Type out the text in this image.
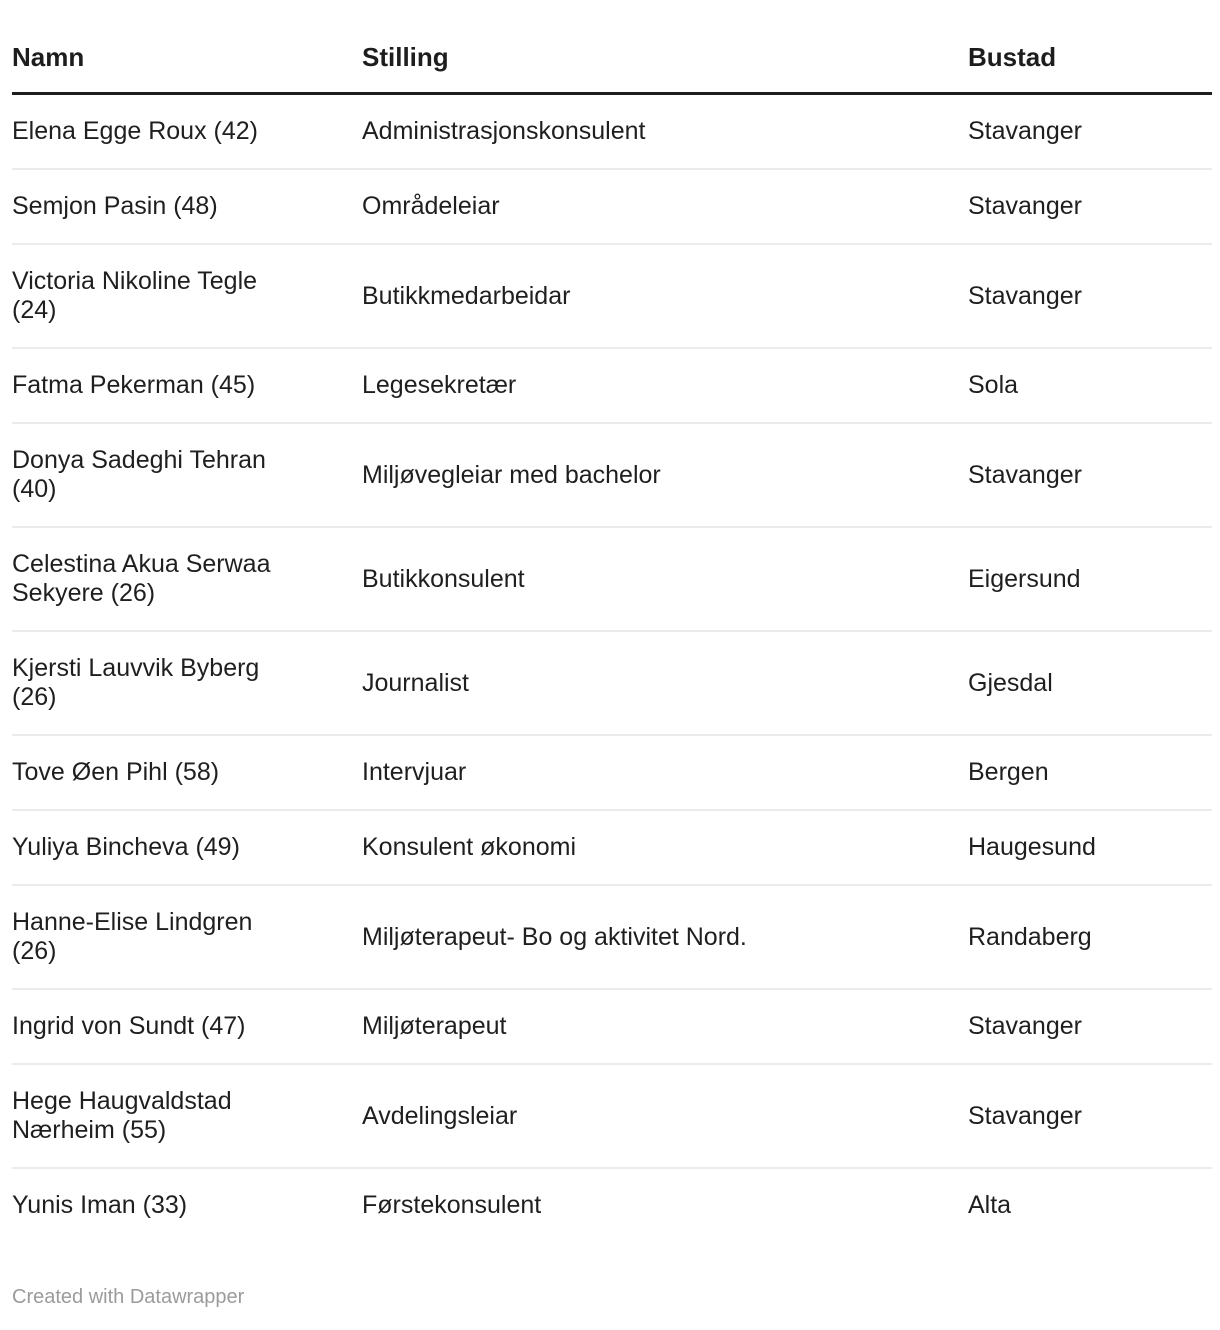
Namn	Stilling	Bustad
Elena Egge Roux (42)	Administrasjonskonsulent	Stavanger
Semjon Pasin (48)	Områdeleiar	Stavanger
Victoria Nikoline Tegle (24)	Butikkmedarbeidar	Stavanger
Fatma Pekerman (45)	Legesekretær	Sola
Donya Sadeghi Tehran (40)	Miljøvegleiar med bachelor	Stavanger
Celestina Akua Serwaa Sekyere (26)	Butikkonsulent	Eigersund
Kjersti Lauvvik Byberg (26)	Journalist	Gjesdal
Tove Øen Pihl (58)	Intervjuar	Bergen
Yuliya Bincheva (49)	Konsulent økonomi	Haugesund
Hanne-Elise Lindgren (26)	Miljøterapeut- Bo og aktivitet Nord.	Randaberg
Ingrid von Sundt (47)	Miljøterapeut	Stavanger
Hege Haugvaldstad Nærheim (55)	Avdelingsleiar	Stavanger
Yunis Iman (33)	Førstekonsulent	Alta
Created with Datawrapper
